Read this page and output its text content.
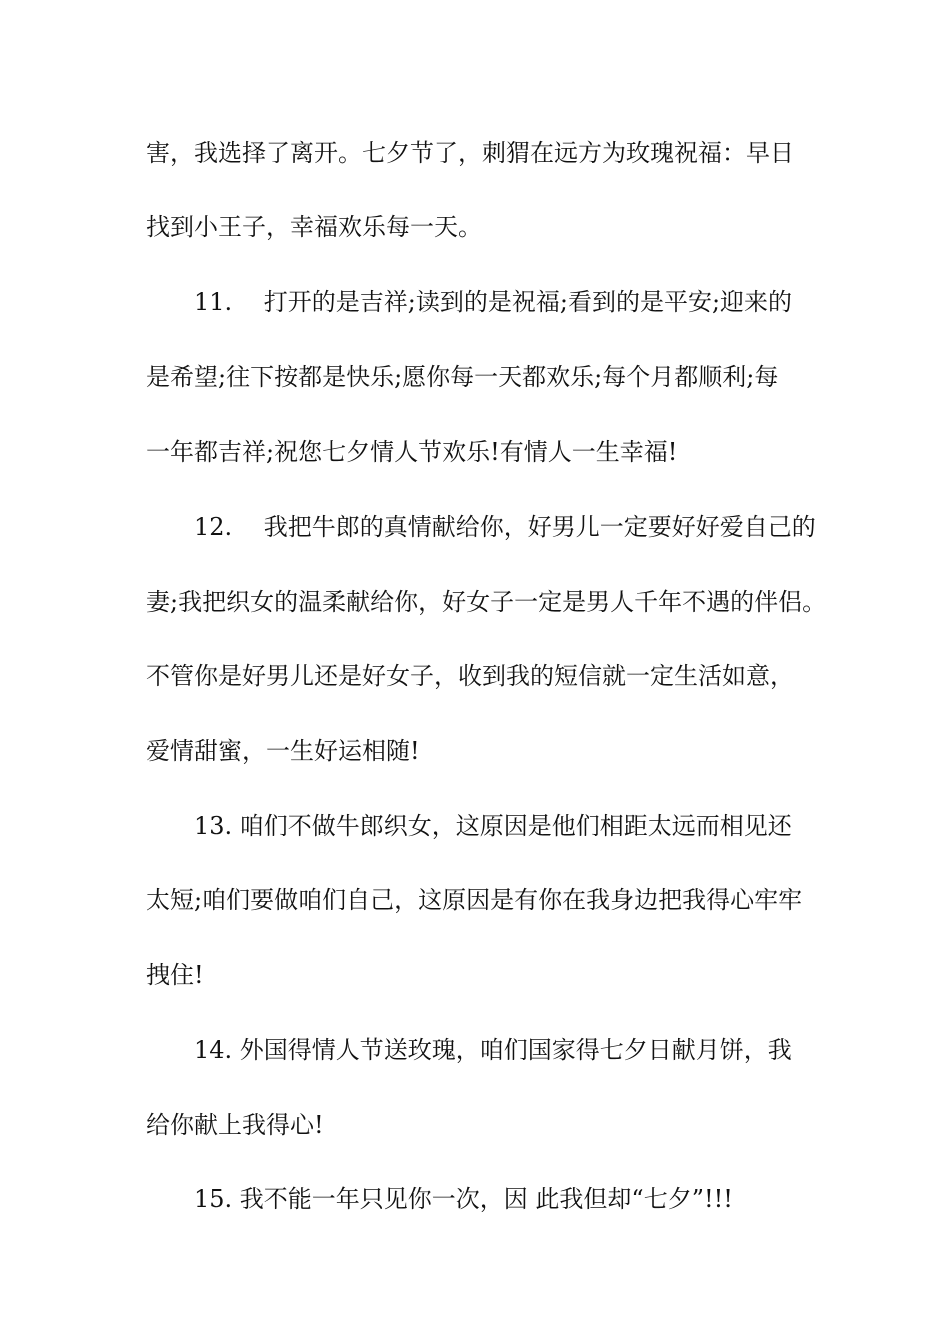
害，我选择了离开。七夕节了，刺猬在远方为玫瑰祝福：早日
找到小王子，幸福欢乐每一天。
11.　 打开的是吉祥;读到的是祝福;看到的是平安;迎来的
是希望;往下按都是快乐;愿你每一天都欢乐;每个月都顺利;每
一年都吉祥;祝您七夕情人节欢乐!有情人一生幸福!
12.　 我把牛郎的真情献给你，好男儿一定要好好爱自己的
妻;我把织女的温柔献给你，好女子一定是男人千年不遇的伴侣。
不管你是好男儿还是好女子，收到我的短信就一定生活如意，
爱情甜蜜，一生好运相随!
13. 咱们不做牛郎织女，这原因是他们相距太远而相见还
太短;咱们要做咱们自己，这原因是有你在我身边把我得心牢牢
拽住!
14. 外国得情人节送玫瑰，咱们国家得七夕日献月饼，我
给你献上我得心!
15. 我不能一年只见你一次，因 此我但却“七夕”!!!
